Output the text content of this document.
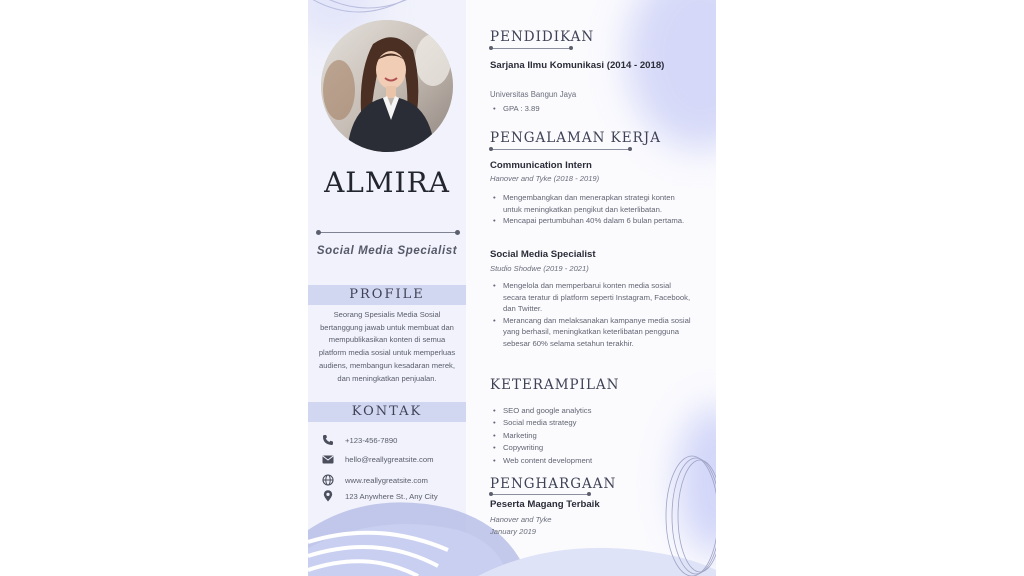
ALMIRA
Social Media Specialist
PROFILE
Seorang Spesialis Media Sosial bertanggung jawab untuk membuat dan mempublikasikan konten di semua platform media sosial untuk memperluas audiens, membangun kesadaran merek, dan meningkatkan penjualan.
KONTAK
+123-456-7890
hello@reallygreatsite.com
www.reallygreatsite.com
123 Anywhere St., Any City
PENDIDIKAN
Sarjana Ilmu Komunikasi (2014 - 2018)
Universitas Bangun Jaya
• GPA : 3.89
PENGALAMAN KERJA
Communication Intern
Hanover and Tyke (2018 - 2019)
• Mengembangkan dan menerapkan strategi konten untuk meningkatkan pengikut dan keterlibatan.
• Mencapai pertumbuhan 40% dalam 6 bulan pertama.
Social Media Specialist
Studio Shodwe (2019 - 2021)
• Mengelola dan memperbarui konten media sosial secara teratur di platform seperti Instagram, Facebook, dan Twitter.
• Merancang dan melaksanakan kampanye media sosial yang berhasil, meningkatkan keterlibatan pengguna sebesar 60% selama setahun terakhir.
KETERAMPILAN
• SEO and google analytics
• Social media strategy
• Marketing
• Copywriting
• Web content development
PENGHARGAAN
Peserta Magang Terbaik
Hanover and Tyke
January 2019
